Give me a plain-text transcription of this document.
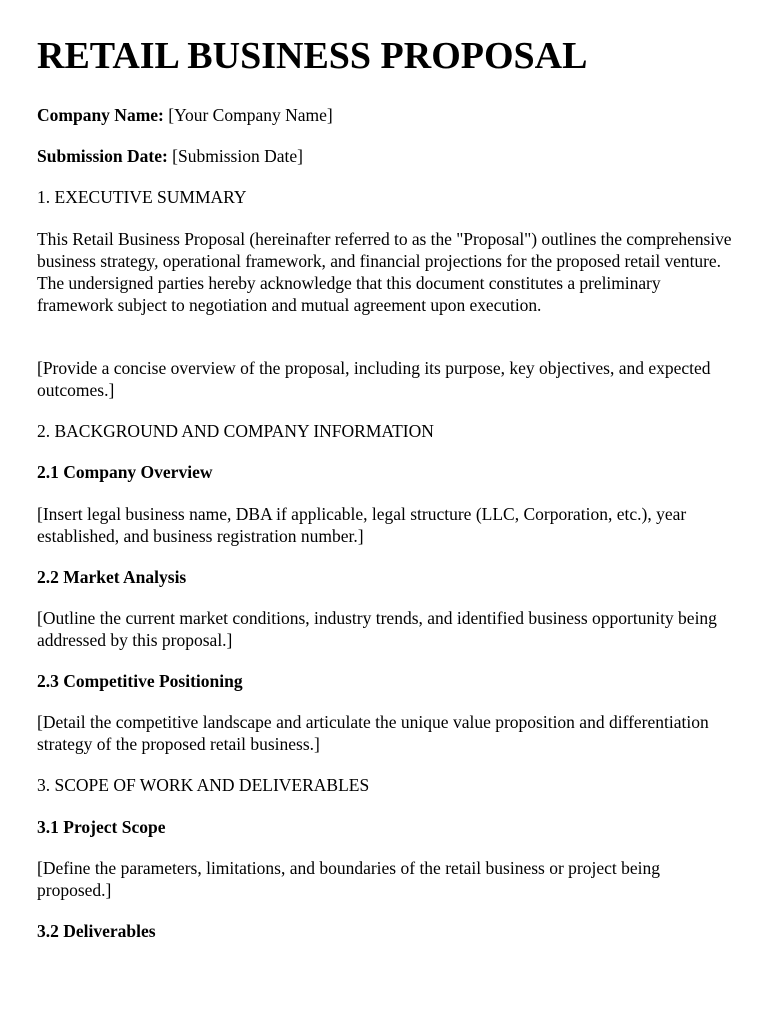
RETAIL BUSINESS PROPOSAL

Company Name: [Your Company Name]

Submission Date: [Submission Date]

1. EXECUTIVE SUMMARY

This Retail Business Proposal (hereinafter referred to as the "Proposal") outlines the comprehensive business strategy, operational framework, and financial projections for the proposed retail venture. The undersigned parties hereby acknowledge that this document constitutes a preliminary framework subject to negotiation and mutual agreement upon execution.

[Provide a concise overview of the proposal, including its purpose, key objectives, and expected outcomes.]

2. BACKGROUND AND COMPANY INFORMATION

2.1 Company Overview

[Insert legal business name, DBA if applicable, legal structure (LLC, Corporation, etc.), year established, and business registration number.]

2.2 Market Analysis

[Outline the current market conditions, industry trends, and identified business opportunity being addressed by this proposal.]

2.3 Competitive Positioning

[Detail the competitive landscape and articulate the unique value proposition and differentiation strategy of the proposed retail business.]

3. SCOPE OF WORK AND DELIVERABLES

3.1 Project Scope

[Define the parameters, limitations, and boundaries of the retail business or project being proposed.]

3.2 Deliverables
